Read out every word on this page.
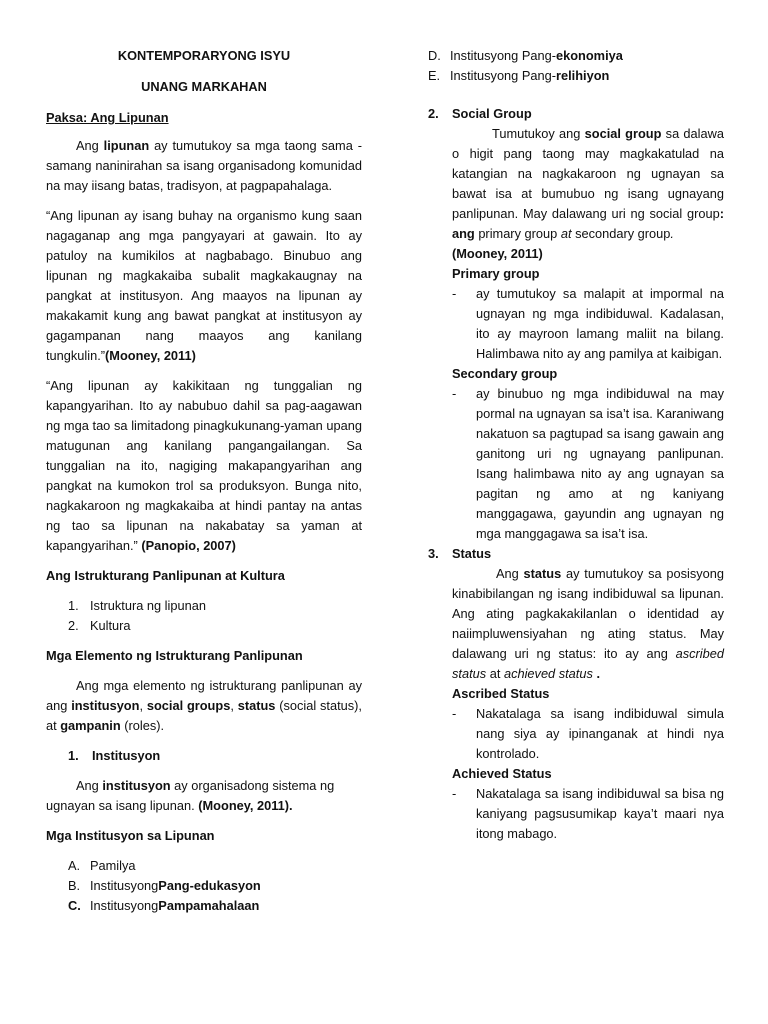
KONTEMPORARYONG ISYU

UNANG MARKAHAN

Paksa: Ang Lipunan

Ang lipunan ay tumutukoy sa mga taong sama -samang naninirahan sa isang organisadong komunidad na may iisang batas, tradisyon, at pagpapahalaga.

“Ang lipunan ay isang buhay na organismo kung saan nagaganap ang mga pangyayari at gawain. Ito ay patuloy na kumikilos at nagbabago. Binubuo ang lipunan ng magkakaiba subalit magkakaugnay na pangkat at institusyon. Ang maayos na lipunan ay makakamit kung ang bawat pangkat at institusyon ay gagampanan nang maayos ang kanilang tungkulin.”(Mooney, 2011)

“Ang lipunan ay kakikitaan ng tunggalian ng kapangyarihan. Ito ay nabubuo dahil sa pag-aagawan ng mga tao sa limitadong pinagkukunang-yaman upang matugunan ang kanilang pangangailangan. Sa tunggalian na ito, nagiging makapangyarihan ang pangkat na kumokon trol sa produksyon. Bunga nito, nagkakaroon ng magkakaiba at hindi pantay na antas ng tao sa lipunan na nakabatay sa yaman at kapangyarihan.” (Panopio, 2007)

Ang Istrukturang Panlipunan at Kultura

1. Istruktura ng lipunan
2. Kultura

Mga Elemento ng Istrukturang Panlipunan

Ang mga elemento ng istrukturang panlipunan ay ang institusyon, social groups, status (social status), at gampanin (roles).

1.	Institusyon

Ang institusyon ay organisadong sistema ng ugnayan sa isang lipunan. (Mooney, 2011).

Mga Institusyon sa Lipunan

A. Pamilya
B. Institusyong Pang-edukasyon
C. Institusyong Pampamahalaan
D. Institusyong Pang- ekonomiya
E. Institusyong Pang- relihiyon
2.	Social Group

Tumutukoy ang social group sa dalawa o higit pang taong may magkakatulad na katangian na nagkakaroon ng ugnayan sa bawat isa at bumubuo ng isang ugnayang panlipunan. May dalawang uri ng social group: ang primary group at secondary group.

(Mooney, 2011)

Primary group

-	ay tumutukoy sa malapit at impormal na ugnayan ng mga indibiduwal. Kadalasan, ito ay mayroon lamang maliit na bilang. Halimbawa nito ay ang pamilya at kaibigan.

Secondary group

-	ay binubuo ng mga indibiduwal na may pormal na ugnayan sa isa’t isa. Karaniwang nakatuon sa pagtupad sa isang gawain ang ganitong uri ng ugnayang panlipunan. Isang halimbawa nito ay ang ugnayan sa pagitan ng amo at ng kaniyang manggagawa, gayundin ang ugnayan ng mga manggagawa sa isa’t isa.
3.	Status

Ang status ay tumutukoy sa posisyong kinabibilangan ng isang indibiduwal sa lipunan. Ang ating pagkakakilanlan o identidad ay naiimpluwensiyahan ng ating status. May dalawang uri ng status: ito ay ang ascribed status at achieved status .

Ascribed Status

-	Nakatalaga sa isang indibiduwal simula nang siya ay ipinanganak at hindi nya kontrolado.

Achieved Status

-	Nakatalaga sa isang indibiduwal sa bisa ng kaniyang pagsusumikap kaya’t maari nya itong mabago.
